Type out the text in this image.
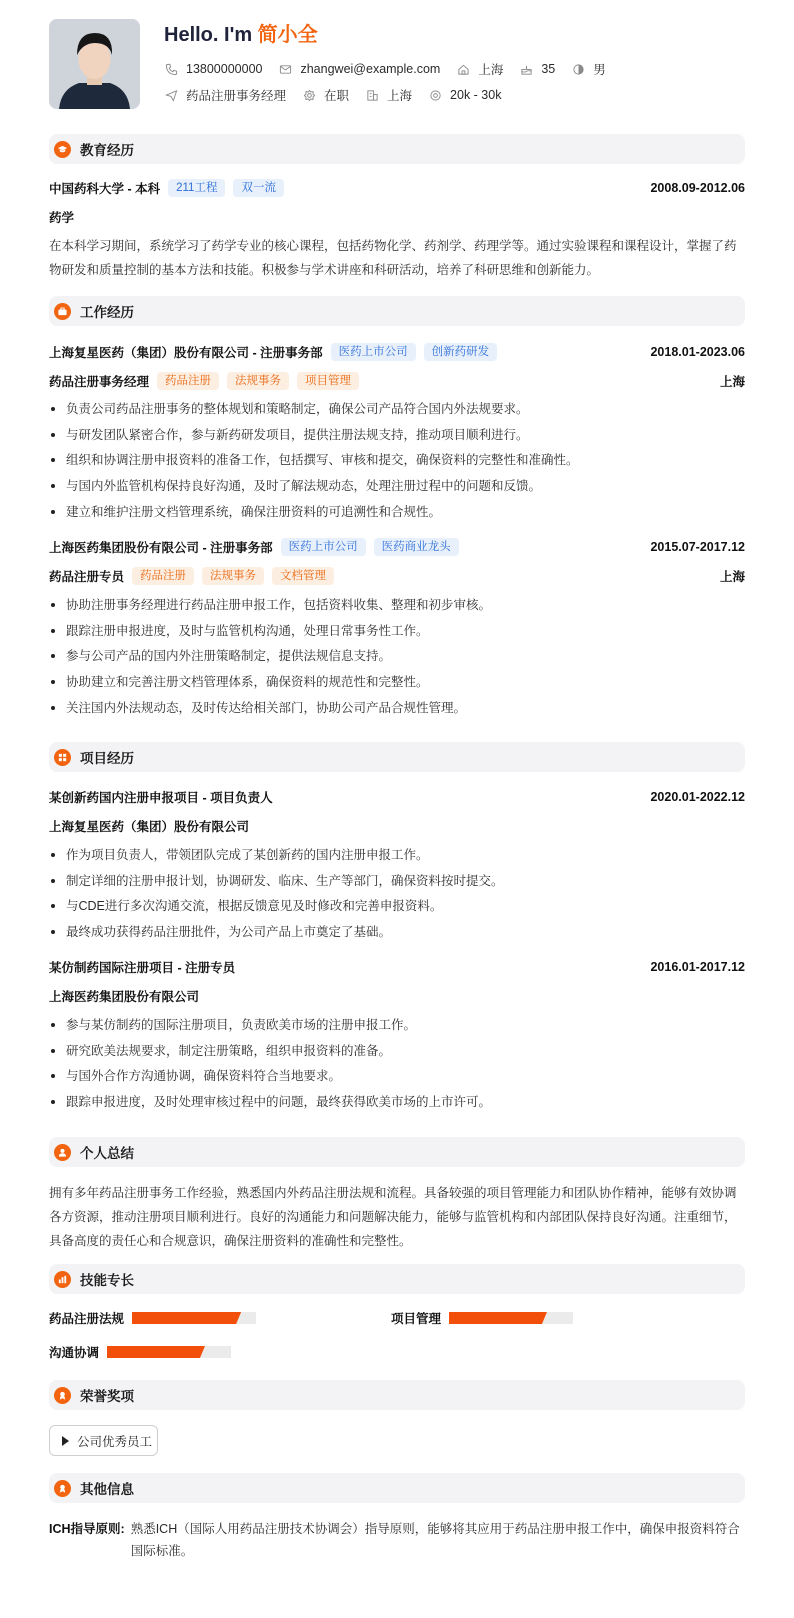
Hello. I'm 简小全
13800000000	zhangwei@example.com	上海	35	男
药品注册事务经理	在职	上海	20k - 30k
教育经历
中国药科大学 - 本科	211工程	双一流	2008.09-2012.06
药学
在本科学习期间，系统学习了药学专业的核心课程，包括药物化学、药剂学、药理学等。通过实验课程和课程设计，掌握了药物研发和质量控制的基本方法和技能。积极参与学术讲座和科研活动，培养了科研思维和创新能力。
工作经历
上海复星医药（集团）股份有限公司 - 注册事务部	医药上市公司	创新药研发	2018.01-2023.06
药品注册事务经理	药品注册	法规事务	项目管理	上海
负责公司药品注册事务的整体规划和策略制定，确保公司产品符合国内外法规要求。
与研发团队紧密合作，参与新药研发项目，提供注册法规支持，推动项目顺利进行。
组织和协调注册申报资料的准备工作，包括撰写、审核和提交，确保资料的完整性和准确性。
与国内外监管机构保持良好沟通，及时了解法规动态，处理注册过程中的问题和反馈。
建立和维护注册文档管理系统，确保注册资料的可追溯性和合规性。
上海医药集团股份有限公司 - 注册事务部	医药上市公司	医药商业龙头	2015.07-2017.12
药品注册专员	药品注册	法规事务	文档管理	上海
协助注册事务经理进行药品注册申报工作，包括资料收集、整理和初步审核。
跟踪注册申报进度，及时与监管机构沟通，处理日常事务性工作。
参与公司产品的国内外注册策略制定，提供法规信息支持。
协助建立和完善注册文档管理体系，确保资料的规范性和完整性。
关注国内外法规动态，及时传达给相关部门，协助公司产品合规性管理。
项目经历
某创新药国内注册申报项目 - 项目负责人	2020.01-2022.12
上海复星医药（集团）股份有限公司
作为项目负责人，带领团队完成了某创新药的国内注册申报工作。
制定详细的注册申报计划，协调研发、临床、生产等部门，确保资料按时提交。
与CDE进行多次沟通交流，根据反馈意见及时修改和完善申报资料。
最终成功获得药品注册批件，为公司产品上市奠定了基础。
某仿制药国际注册项目 - 注册专员	2016.01-2017.12
上海医药集团股份有限公司
参与某仿制药的国际注册项目，负责欧美市场的注册申报工作。
研究欧美法规要求，制定注册策略，组织申报资料的准备。
与国外合作方沟通协调，确保资料符合当地要求。
跟踪申报进度，及时处理审核过程中的问题，最终获得欧美市场的上市许可。
个人总结
拥有多年药品注册事务工作经验，熟悉国内外药品注册法规和流程。具备较强的项目管理能力和团队协作精神，能够有效协调各方资源，推动注册项目顺利进行。良好的沟通能力和问题解决能力，能够与监管机构和内部团队保持良好沟通。注重细节，具备高度的责任心和合规意识，确保注册资料的准确性和完整性。
技能专长
药品注册法规	项目管理
沟通协调
荣誉奖项
公司优秀员工
其他信息
ICH指导原则: 熟悉ICH（国际人用药品注册技术协调会）指导原则，能够将其应用于药品注册申报工作中，确保申报资料符合国际标准。
